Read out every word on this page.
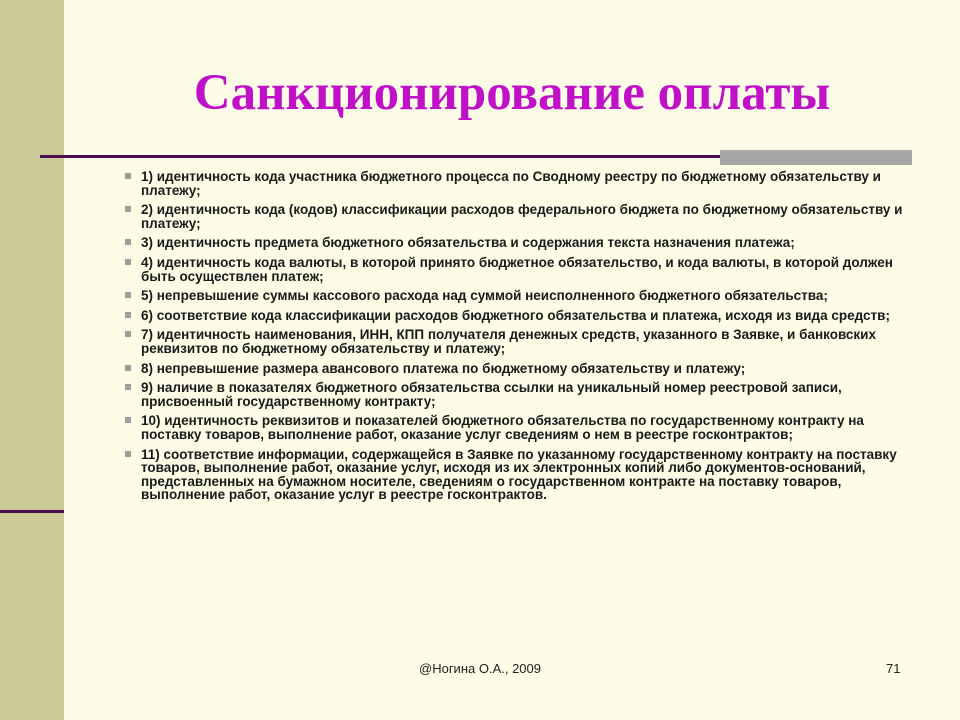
Санкционирование оплаты
1) идентичность кода участника бюджетного процесса по Сводному реестру по бюджетному обязательству и платежу;
2) идентичность кода (кодов) классификации расходов федерального бюджета по бюджетному обязательству и платежу;
3) идентичность предмета бюджетного обязательства и содержания текста назначения платежа;
4) идентичность кода валюты, в которой принято бюджетное обязательство, и кода валюты, в которой должен быть осуществлен платеж;
5) непревышение суммы кассового расхода над суммой неисполненного бюджетного обязательства;
6) соответствие кода классификации расходов бюджетного обязательства и платежа, исходя из вида средств;
7) идентичность наименования, ИНН, КПП получателя денежных средств, указанного в Заявке, и банковских реквизитов по бюджетному обязательству и платежу;
8) непревышение размера авансового платежа по бюджетному обязательству и платежу;
9) наличие в показателях бюджетного обязательства ссылки на уникальный номер реестровой записи, присвоенный государственному контракту;
10) идентичность реквизитов и показателей бюджетного обязательства по государственному контракту на поставку товаров, выполнение работ, оказание услуг сведениям о нем в реестре госконтрактов;
11) соответствие информации, содержащейся в Заявке по указанному государственному контракту на поставку товаров, выполнение работ, оказание услуг, исходя из их электронных копий либо документов-оснований, представленных на бумажном носителе, сведениям о государственном контракте на поставку товаров, выполнение работ, оказание услуг в реестре госконтрактов.
@Ногина О.А., 2009	71
